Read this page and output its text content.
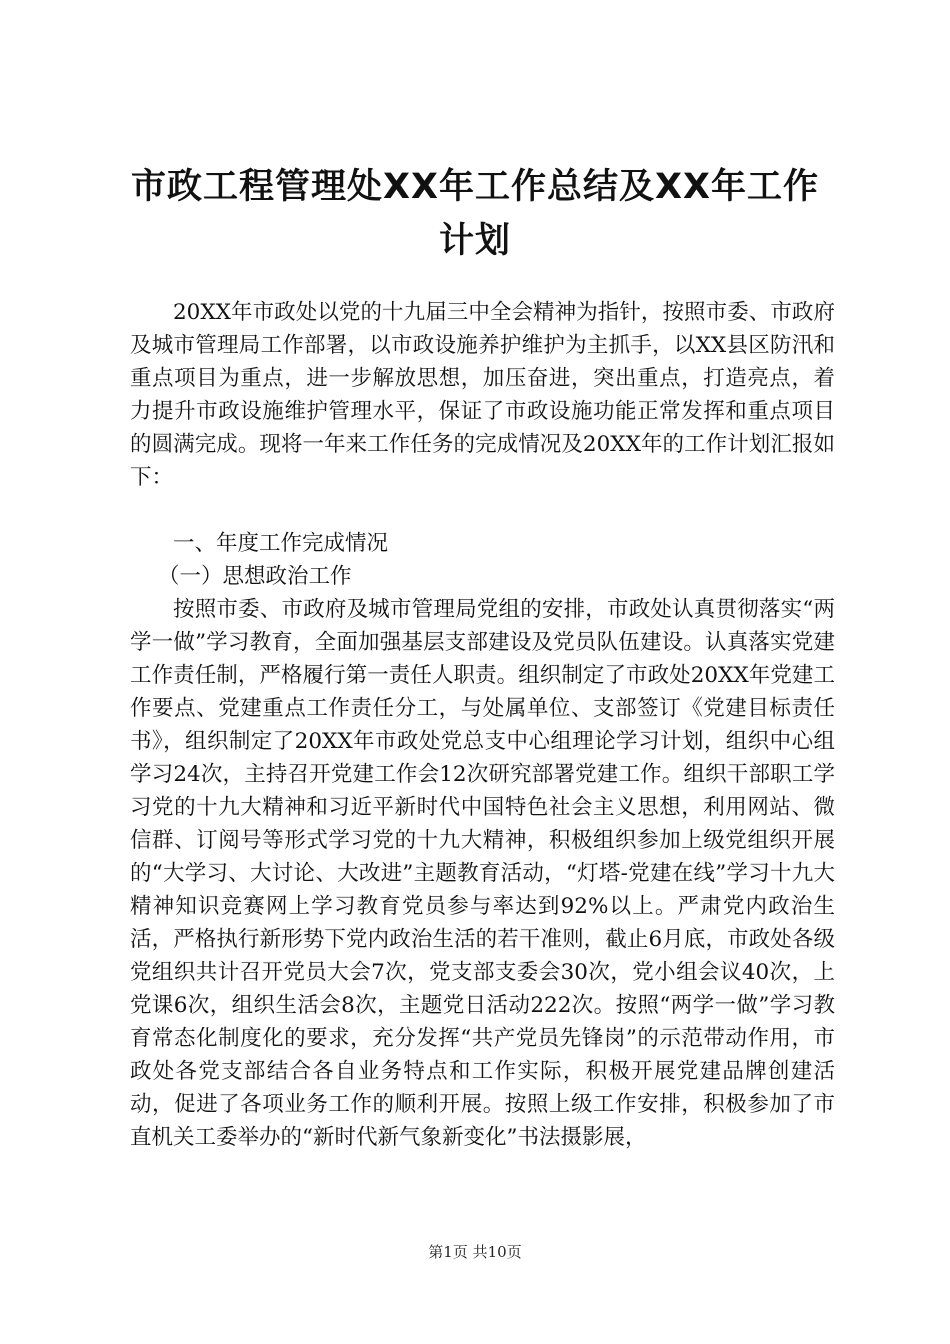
市政工程管理处XX年工作总结及XX年工作计划

20XX年市政处以党的十九届三中全会精神为指针，按照市委、市政府及城市管理局工作部署，以市政设施养护维护为主抓手，以XX县区防汛和重点项目为重点，进一步解放思想，加压奋进，突出重点，打造亮点，着力提升市政设施维护管理水平，保证了市政设施功能正常发挥和重点项目的圆满完成。现将一年来工作任务的完成情况及20XX年的工作计划汇报如下：

一、年度工作完成情况

（一）思想政治工作

按照市委、市政府及城市管理局党组的安排，市政处认真贯彻落实“两学一做”学习教育，全面加强基层支部建设及党员队伍建设。认真落实党建工作责任制，严格履行第一责任人职责。组织制定了市政处20XX年党建工作要点、党建重点工作责任分工，与处属单位、支部签订《党建目标责任书》，组织制定了20XX年市政处党总支中心组理论学习计划，组织中心组学习24次，主持召开党建工作会12次研究部署党建工作。组织干部职工学习党的十九大精神和习近平新时代中国特色社会主义思想，利用网站、微信群、订阅号等形式学习党的十九大精神，积极组织参加上级党组织开展的“大学习、大讨论、大改进”主题教育活动，“灯塔-党建在线”学习十九大精神知识竞赛网上学习教育党员参与率达到92%以上。严肃党内政治生活，严格执行新形势下党内政治生活的若干准则，截止6月底，市政处各级党组织共计召开党员大会7次，党支部支委会30次，党小组会议40次，上党课6次，组织生活会8次，主题党日活动222次。按照“两学一做”学习教育常态化制度化的要求，充分发挥“共产党员先锋岗”的示范带动作用，市政处各党支部结合各自业务特点和工作实际，积极开展党建品牌创建活动，促进了各项业务工作的顺利开展。按照上级工作安排，积极参加了市直机关工委举办的“新时代新气象新变化”书法摄影展，

第1页 共10页
